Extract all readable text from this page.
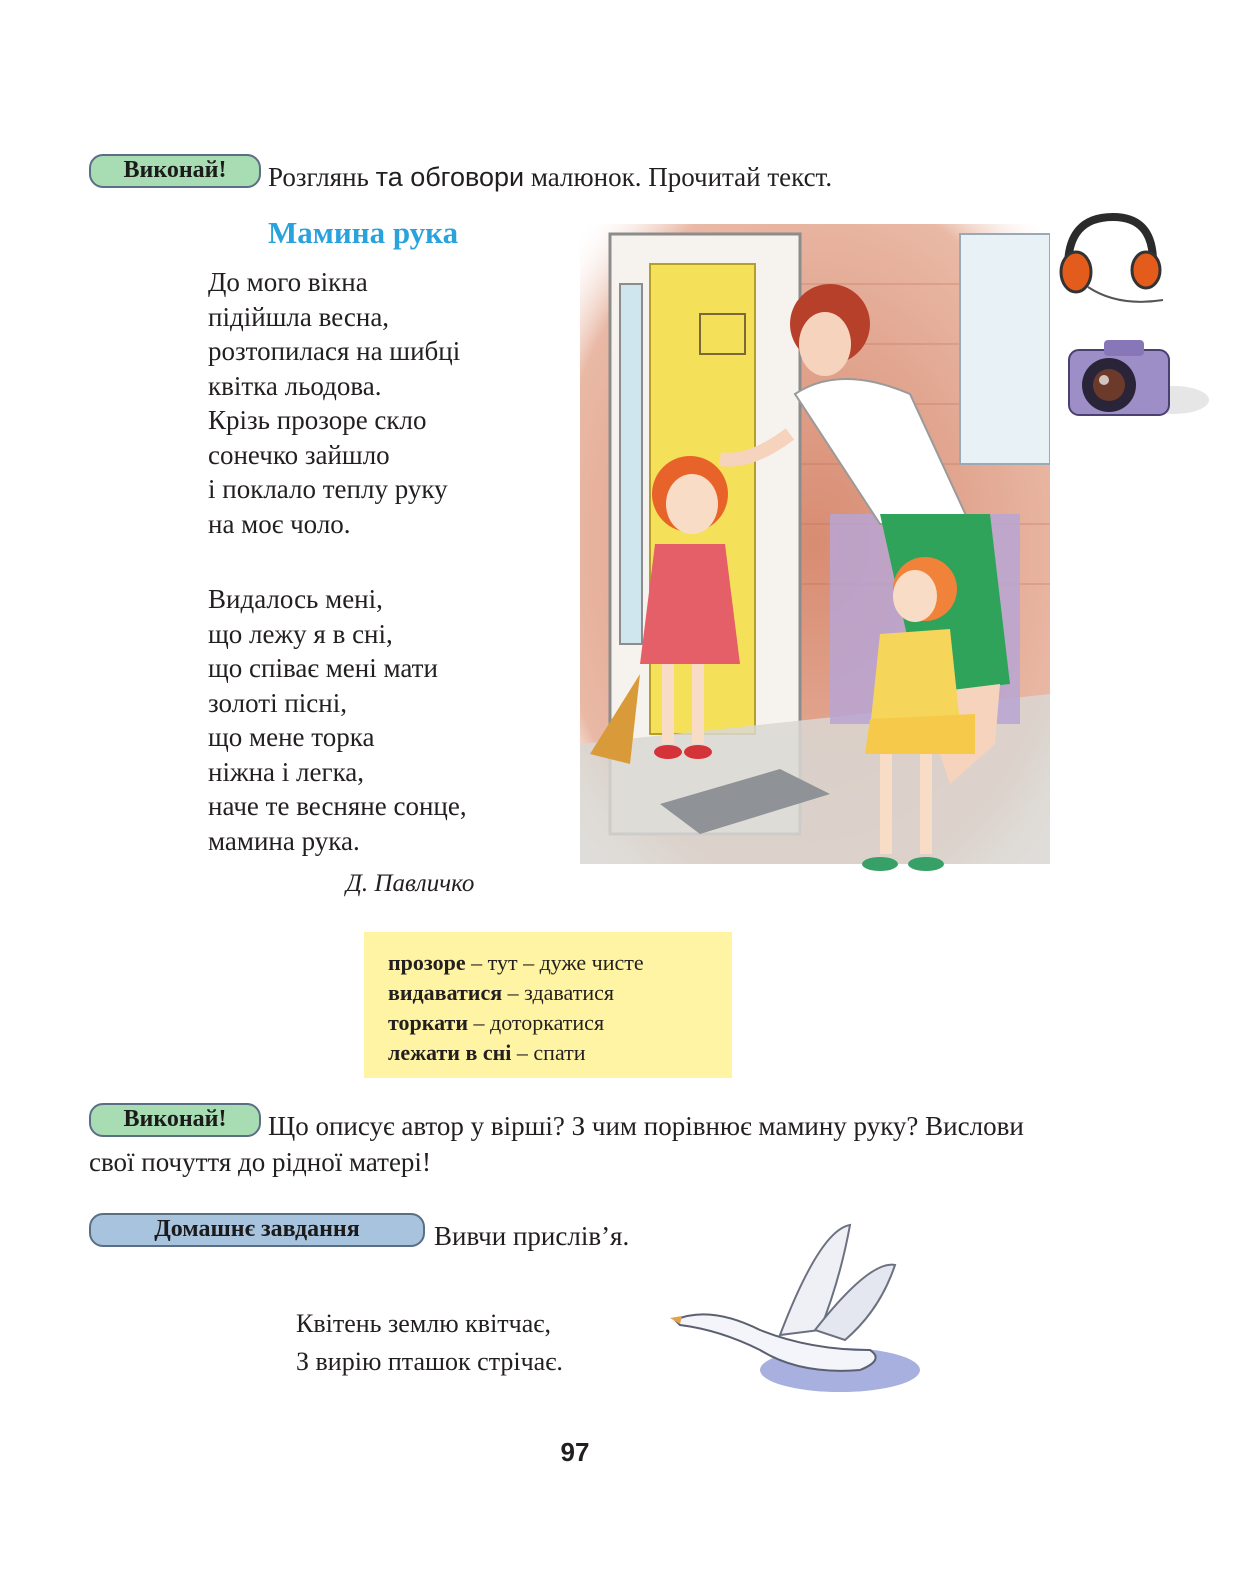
Виконай!	Розглянь та обговори малюнок. Прочитай текст.
Мамина рука
До мого вікна
підійшла весна,
розтопилася на шибці
квітка льодова.
Крізь прозоре скло
сонечко зайшло
і поклало теплу руку
на моє чоло.
Видалось мені,
що лежу я в сні,
що співає мені мати
золоті пісні,
що мене торка
ніжна і легка,
наче те весняне сонце,
мамина рука.
Д. Павличко
прозоре – тут – дуже чисте
видаватися – здаватися
торкати – доторкатися
лежати в сні – спати
Виконай!	Що описує автор у вірші? З чим порівнює мамину руку? Вислови
свої почуття до рідної матері!
Домашнє завдання	Вивчи прислів’я.
Квітень землю квітчає,
З вирію пташок стрічає.
97
